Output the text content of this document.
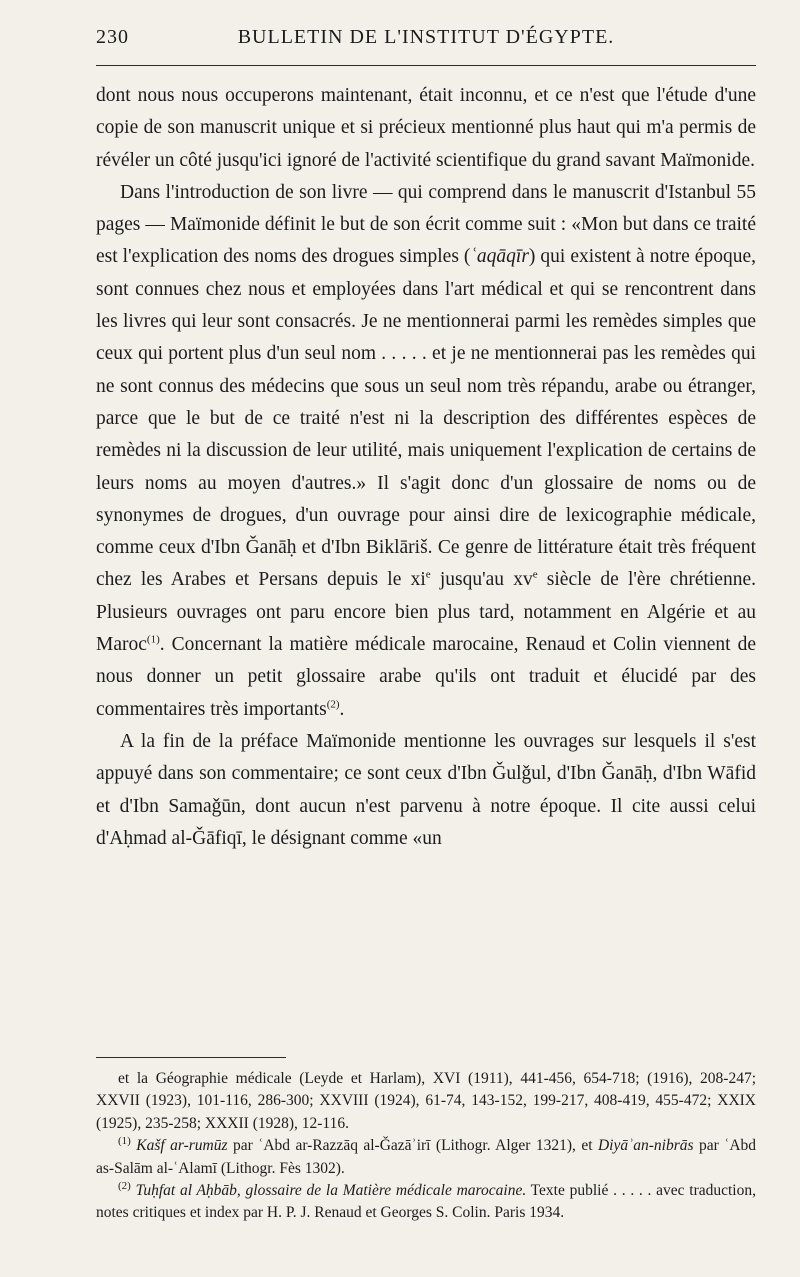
230	BULLETIN DE L'INSTITUT D'ÉGYPTE.

dont nous nous occuperons maintenant, était inconnu, et ce n'est que l'étude d'une copie de son manuscrit unique et si précieux mentionné plus haut qui m'a permis de révéler un côté jusqu'ici ignoré de l'activité scientifique du grand savant Maïmonide.

Dans l'introduction de son livre — qui comprend dans le manuscrit d'Istanbul 55 pages — Maïmonide définit le but de son écrit comme suit : «Mon but dans ce traité est l'explication des noms des drogues simples (ʿaqāqīr) qui existent à notre époque, sont connues chez nous et employées dans l'art médical et qui se rencontrent dans les livres qui leur sont consacrés. Je ne mentionnerai parmi les remèdes simples que ceux qui portent plus d'un seul nom . . . . . et je ne mentionnerai pas les remèdes qui ne sont connus des médecins que sous un seul nom très répandu, arabe ou étranger, parce que le but de ce traité n'est ni la description des différentes espèces de remèdes ni la discussion de leur utilité, mais uniquement l'explication de certains de leurs noms au moyen d'autres.» Il s'agit donc d'un glossaire de noms ou de synonymes de drogues, d'un ouvrage pour ainsi dire de lexicographie médicale, comme ceux d'Ibn Ǧanāḥ et d'Ibn Biklāriš. Ce genre de littérature était très fréquent chez les Arabes et Persans depuis le $xi^e$ jusqu'au $xv^e$ siècle de l'ère chrétienne. Plusieurs ouvrages ont paru encore bien plus tard, notamment en Algérie et au Maroc$^{(1)}$. Concernant la matière médicale marocaine, Renaud et Colin viennent de nous donner un petit glossaire arabe qu'ils ont traduit et élucidé par des commentaires très importants$^{(2)}$.

A la fin de la préface Maïmonide mentionne les ouvrages sur lesquels il s'est appuyé dans son commentaire; ce sont ceux d'Ibn Ǧulǧul, d'Ibn Ǧanāḥ, d'Ibn Wāfid et d'Ibn Samaǧūn, dont aucun n'est parvenu à notre époque. Il cite aussi celui d'Aḥmad al-Ǧāfiqī, le désignant comme «un

et la Géographie médicale (Leyde et Harlam), XVI (1911), 441-456, 654-718; (1916), 208-247; XXVII (1923), 101-116, 286-300; XXVIII (1924), 61-74, 143-152, 199-217, 408-419, 455-472; XXIX (1925), 235-258; XXXII (1928), 12-116.

$^{(1)}$ Kašf ar-rumūz par ʿAbd ar-Razzāq al-Ǧazāʾirī (Lithogr. Alger 1321), et Diyāʾan-nibrās par ʿAbd as-Salām al-ʿAlamī (Lithogr. Fès 1302).

$^{(2)}$ Tuḥfat al Aḥbāb, glossaire de la Matière médicale marocaine. Texte publié . . . . . avec traduction, notes critiques et index par H. P. J. Renaud et Georges S. Colin. Paris 1934.
